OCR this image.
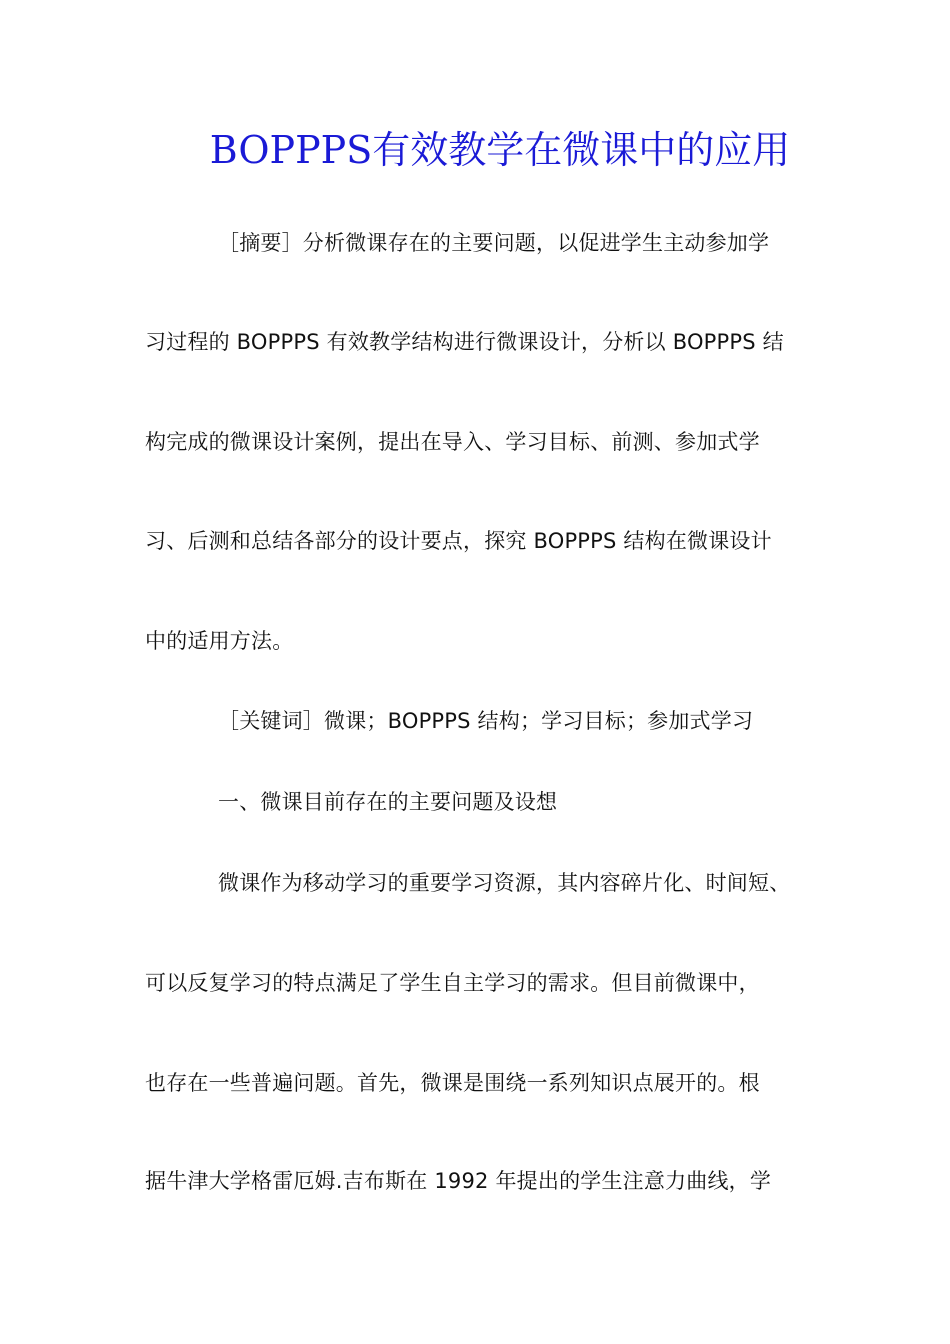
BOPPPS有效教学在微课中的应用
［摘要］分析微课存在的主要问题，以促进学生主动参加学
习过程的 BOPPPS 有效教学结构进行微课设计，分析以 BOPPPS 结
构完成的微课设计案例，提出在导入、学习目标、前测、参加式学
习、后测和总结各部分的设计要点，探究 BOPPPS 结构在微课设计
中的适用方法。
［关键词］微课；BOPPPS 结构；学习目标；参加式学习
一、微课目前存在的主要问题及设想
微课作为移动学习的重要学习资源，其内容碎片化、时间短、
可以反复学习的特点满足了学生自主学习的需求。但目前微课中，
也存在一些普遍问题。首先，微课是围绕一系列知识点展开的。根
据牛津大学格雷厄姆.吉布斯在 1992 年提出的学生注意力曲线，学
